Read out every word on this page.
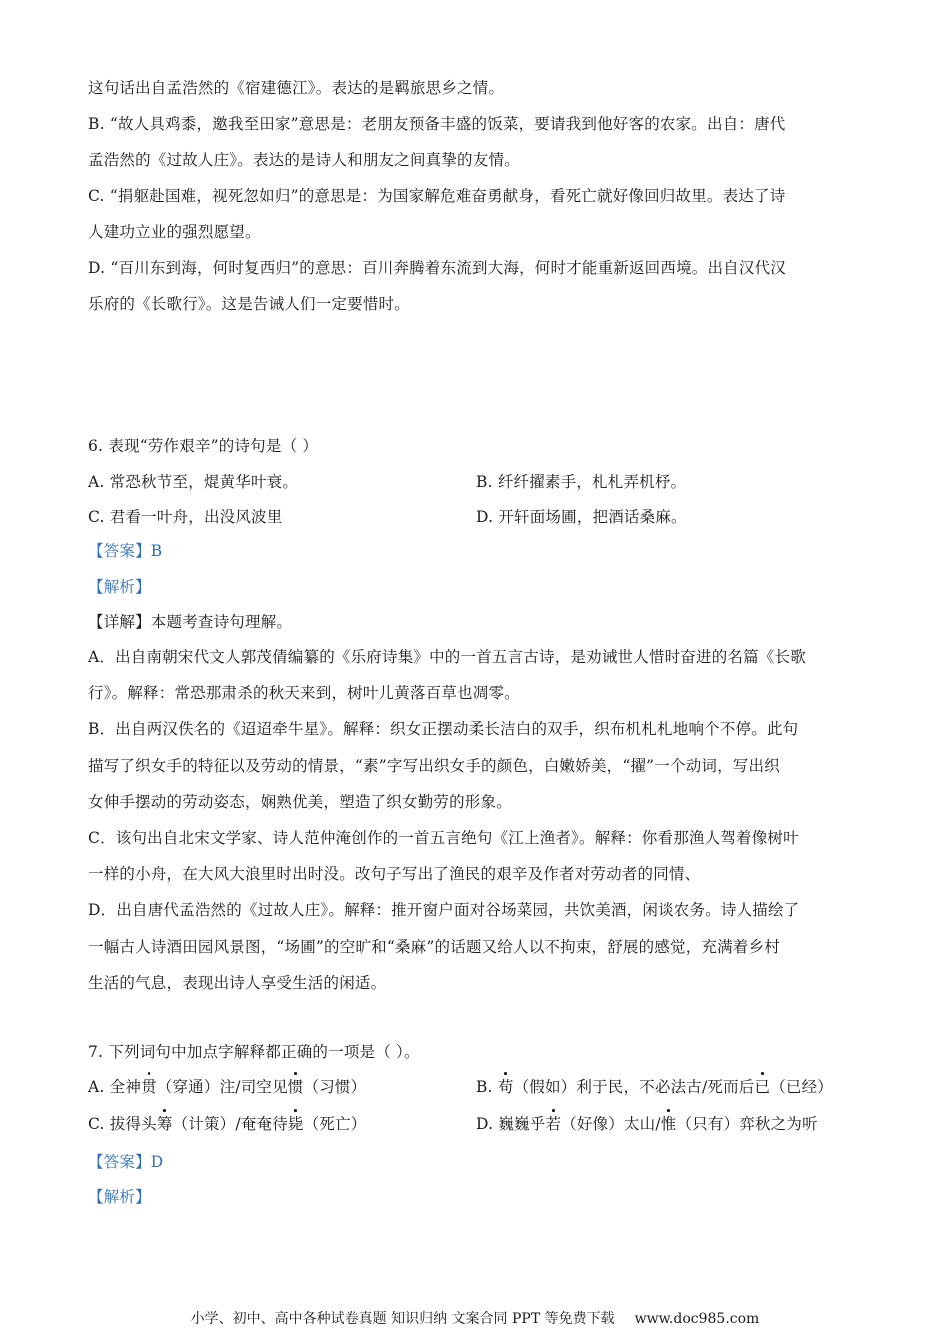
这句话出自孟浩然的《宿建德江》。表达的是羁旅思乡之情。
B. “故人具鸡黍，邀我至田家”意思是：老朋友预备丰盛的饭菜，要请我到他好客的农家。出自：唐代
孟浩然的《过故人庄》。表达的是诗人和朋友之间真挚的友情。
C. “捐躯赴国难，视死忽如归”的意思是：为国家解危难奋勇献身，看死亡就好像回归故里。表达了诗
人建功立业的强烈愿望。
D. “百川东到海，何时复西归”的意思：百川奔腾着东流到大海，何时才能重新返回西境。出自汉代汉
乐府的《长歌行》。这是告诫人们一定要惜时。
6. 表现“劳作艰辛”的诗句是（ ）
A. 常恐秋节至，焜黄华叶衰。	B. 纤纤擢素手，札札弄机杼。
C. 君看一叶舟，出没风波里	D. 开轩面场圃，把酒话桑麻。
【答案】B
【解析】
【详解】本题考查诗句理解。
A．出自南朝宋代文人郭茂倩编纂的《乐府诗集》中的一首五言古诗，是劝诫世人惜时奋进的名篇《长歌
行》。解释：常恐那肃杀的秋天来到，树叶儿黄落百草也凋零。
B．出自两汉佚名的《迢迢牵牛星》。解释：织女正摆动柔长洁白的双手，织布机札札地响个不停。此句
描写了织女手的特征以及劳动的情景，“素”字写出织女手的颜色，白嫩娇美，“擢”一个动词，写出织
女伸手摆动的劳动姿态，娴熟优美，塑造了织女勤劳的形象。
C．该句出自北宋文学家、诗人范仲淹创作的一首五言绝句《江上渔者》。解释：你看那渔人驾着像树叶
一样的小舟，在大风大浪里时出时没。改句子写出了渔民的艰辛及作者对劳动者的同情、
D．出自唐代孟浩然的《过故人庄》。解释：推开窗户面对谷场菜园，共饮美酒，闲谈农务。诗人描绘了
一幅古人诗酒田园风景图，“场圃”的空旷和“桑麻”的话题又给人以不拘束，舒展的感觉，充满着乡村
生活的气息，表现出诗人享受生活的闲适。
7. 下列词句中加点字解释都正确的一项是（ ）。
A. 全神贯（穿通）注/司空见惯（习惯）	B. 苟（假如）利于民，不必法古/死而后已（已经）
C. 拔得头筹（计策）/奄奄待毙（死亡）	D. 巍巍乎若（好像）太山/惟（只有）弈秋之为听
【答案】D
【解析】
小学、初中、高中各种试卷真题 知识归纳 文案合同 PPT 等免费下载 www.doc985.com
